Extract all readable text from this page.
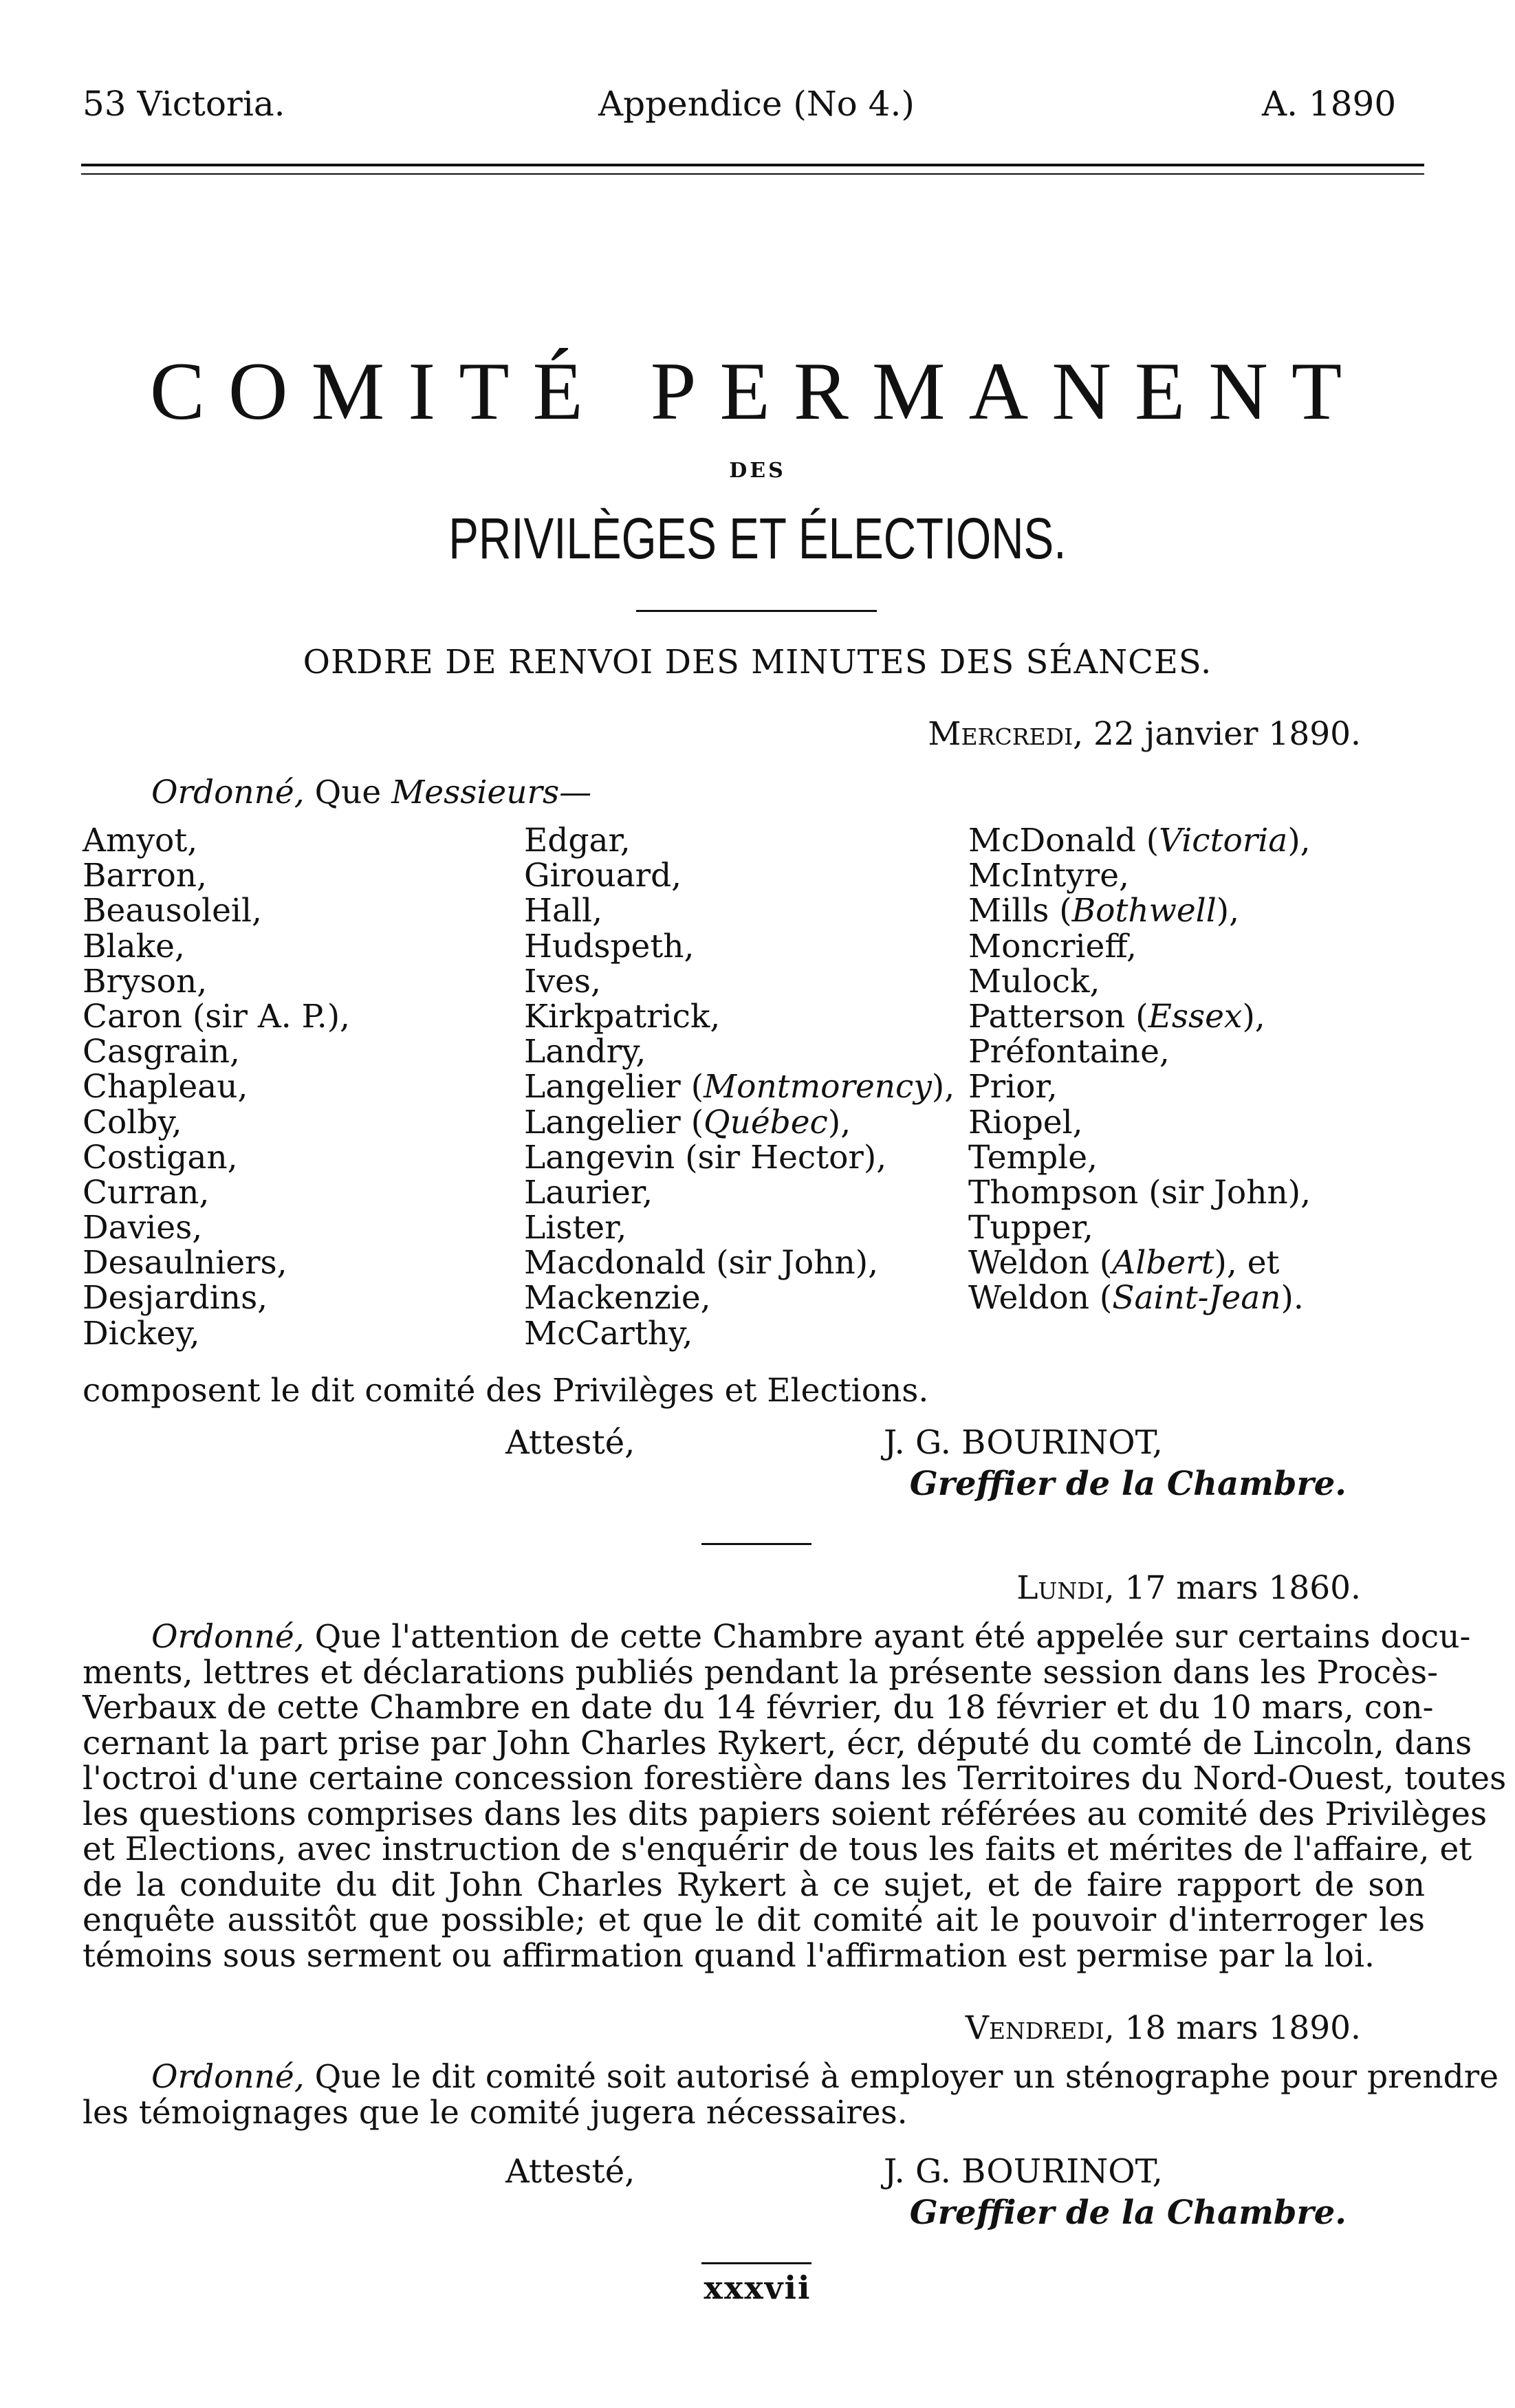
53 Victoria.	Appendice (No 4.)	A. 1890
COMITÉ PERMANENT
DES
PRIVILÈGES ET ÉLECTIONS.
ORDRE DE RENVOI DES MINUTES DES SÉANCES.
Mercredi, 22 janvier 1890.
Ordonné, Que Messieurs—
Amyot,
Barron,
Beausoleil,
Blake,
Bryson,
Caron (sir A. P.),
Casgrain,
Chapleau,
Colby,
Costigan,
Curran,
Davies,
Desaulniers,
Desjardins,
Dickey,
Edgar,
Girouard,
Hall,
Hudspeth,
Ives,
Kirkpatrick,
Landry,
Langelier (Montmorency),
Langelier (Québec),
Langevin (sir Hector),
Laurier,
Lister,
Macdonald (sir John),
Mackenzie,
McCarthy,
McDonald (Victoria),
McIntyre,
Mills (Bothwell),
Moncrieff,
Mulock,
Patterson (Essex),
Préfontaine,
Prior,
Riopel,
Temple,
Thompson (sir John),
Tupper,
Weldon (Albert), et
Weldon (Saint-Jean).
composent le dit comité des Privilèges et Elections.
Attesté,	J. G. BOURINOT,
Greffier de la Chambre.
Lundi, 17 mars 1860.
Ordonné, Que l'attention de cette Chambre ayant été appelée sur certains docu-
ments, lettres et déclarations publiés pendant la présente session dans les Procès-
Verbaux de cette Chambre en date du 14 février, du 18 février et du 10 mars, con-
cernant la part prise par John Charles Rykert, écr, député du comté de Lincoln, dans
l'octroi d'une certaine concession forestière dans les Territoires du Nord-Ouest, toutes
les questions comprises dans les dits papiers soient référées au comité des Privilèges
et Elections, avec instruction de s'enquérir de tous les faits et mérites de l'affaire, et
de la conduite du dit John Charles Rykert à ce sujet, et de faire rapport de son
enquête aussitôt que possible; et que le dit comité ait le pouvoir d'interroger les
témoins sous serment ou affirmation quand l'affirmation est permise par la loi.
Vendredi, 18 mars 1890.
Ordonné, Que le dit comité soit autorisé à employer un sténographe pour prendre
les témoignages que le comité jugera nécessaires.
Attesté,	J. G. BOURINOT,
Greffier de la Chambre.
xxxvii
